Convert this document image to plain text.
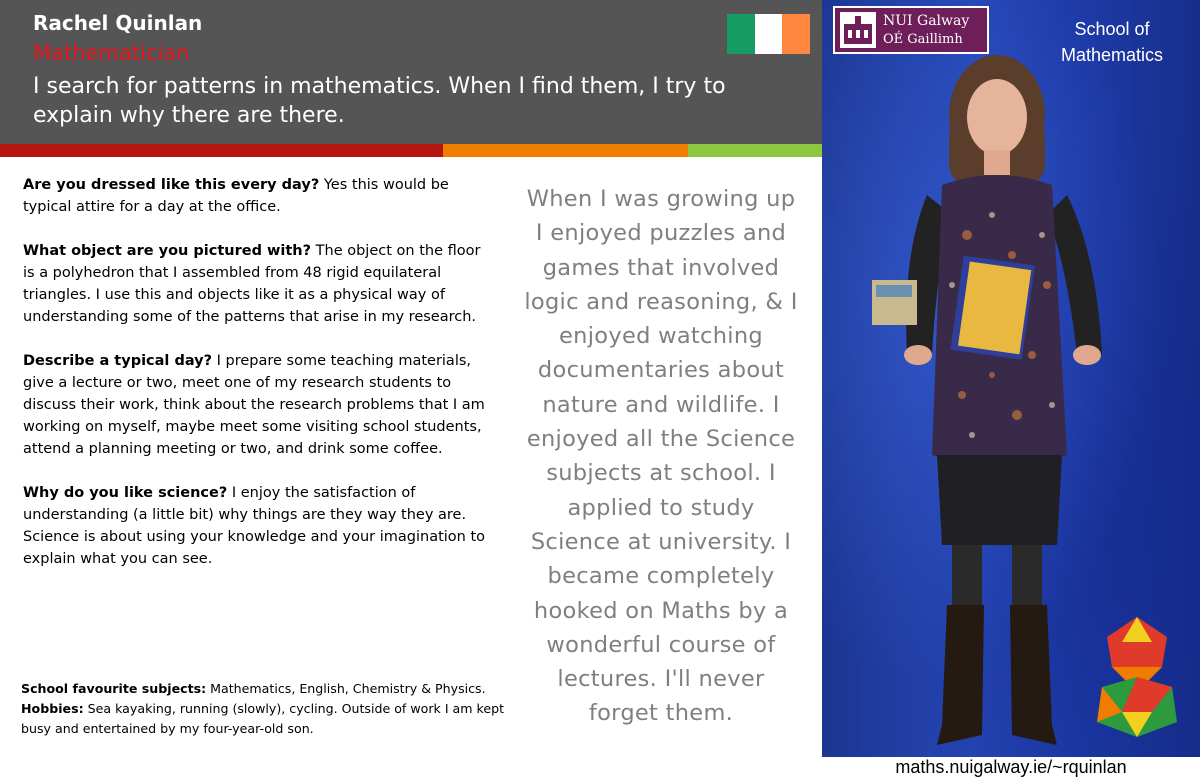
Rachel Quinlan
Mathematician
I search for patterns in mathematics. When I find them, I try to explain why there are there.

Are you dressed like this every day? Yes this would be typical attire for a day at the office.

What object are you pictured with? The object on the floor is a polyhedron that I assembled from 48 rigid equilateral triangles. I use this and objects like it as a physical way of understanding some of the patterns that arise in my research.

Describe a typical day? I prepare some teaching materials, give a lecture or two, meet one of my research students to discuss their work, think about the research problems that I am working on myself, maybe meet some visiting school students, attend a planning meeting or two, and drink some coffee.

Why do you like science? I enjoy the satisfaction of understanding (a little bit) why things are they way they are. Science is about using your knowledge and your imagination to explain what you can see.

School favourite subjects: Mathematics, English, Chemistry & Physics.
Hobbies: Sea kayaking, running (slowly), cycling. Outside of work I am kept busy and entertained by my four-year-old son.
When I was growing up I enjoyed puzzles and games that involved logic and reasoning, & I enjoyed watching documentaries about nature and wildlife. I enjoyed all the Science subjects at school. I applied to study Science at university. I became completely hooked on Maths by a wonderful course of lectures. I'll never forget them.
NUI Galway
OÉ Gaillimh
School of Mathematics
maths.nuigalway.ie/~rquinlan
